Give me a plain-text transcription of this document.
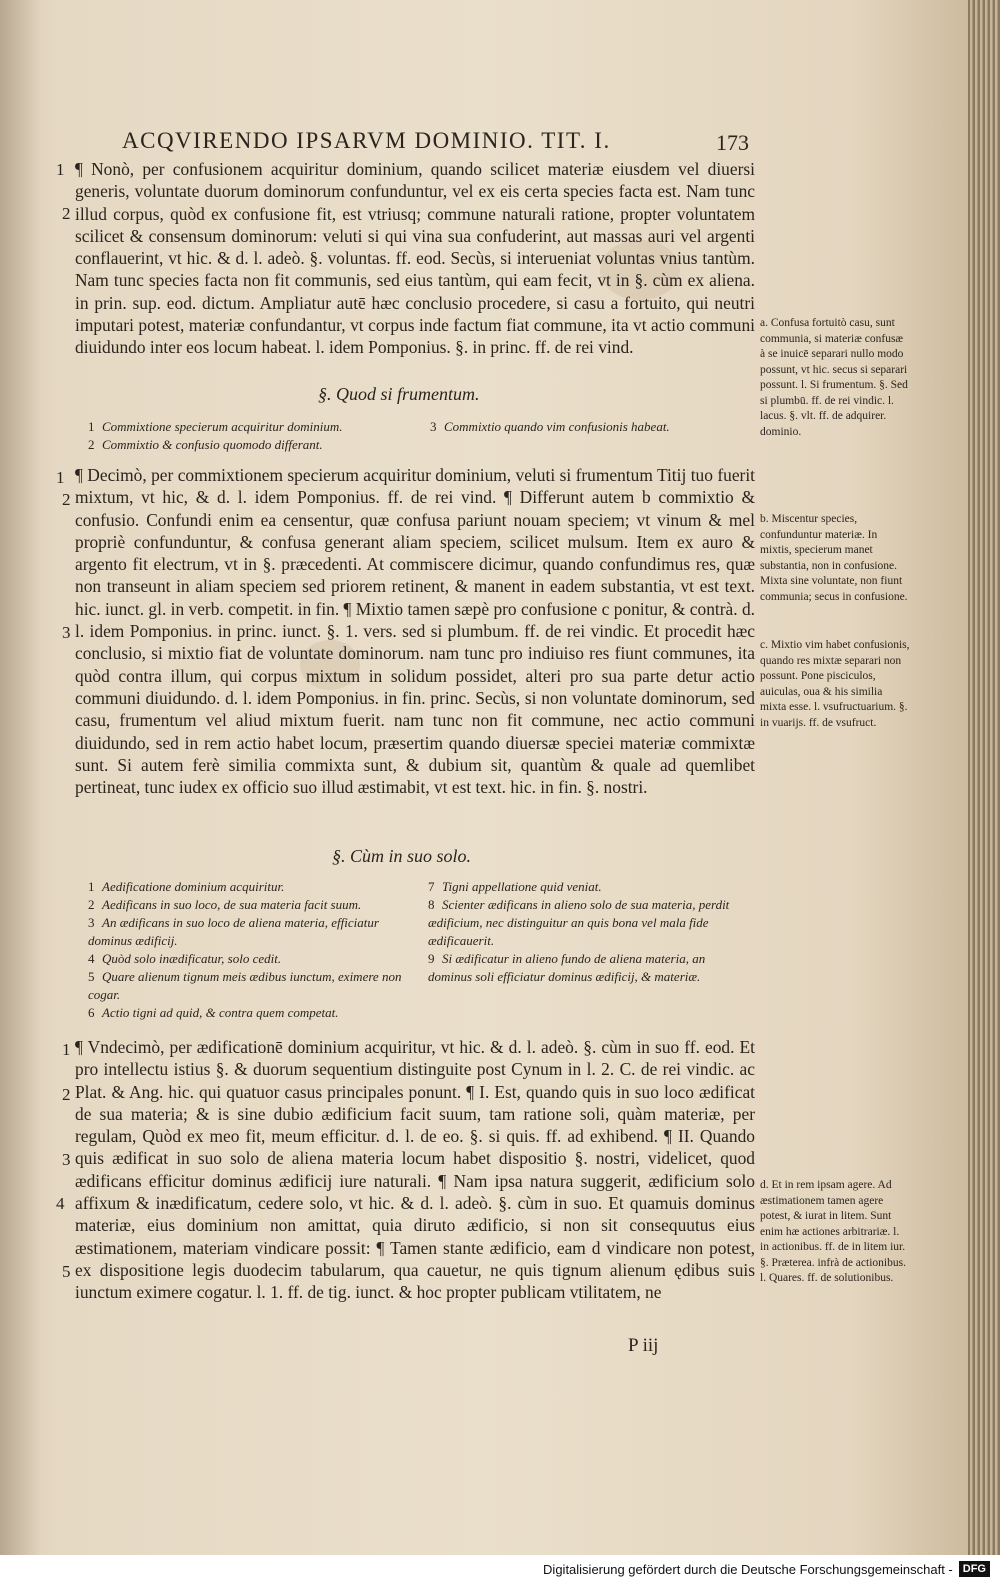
ACQVIRENDO IPSARVM DOMINIO. TIT. I.	173
1
2

¶ Nonò, per confusionem acquiritur dominium, quando scilicet materiæ eiusdem vel diuersi generis, voluntate duorum dominorum confunduntur, vel ex eis certa species facta est. Nam tunc illud corpus, quòd ex confusione fit, est vtriusq; commune naturali ratione, propter voluntatem scilicet & consensum dominorum: veluti si qui vina sua confuderint, aut massas auri vel argenti conflauerint, vt hic. & d. l. adeò. §. voluntas. ff. eod. Secùs, si interueniat voluntas vnius tantùm. Nam tunc species facta non fit communis, sed eius tantùm, qui eam fecit, vt in §. cùm ex aliena. in prin. sup. eod. dictum. Ampliatur autē hæc conclusio procedere, si casu a fortuito, qui neutri imputari potest, materiæ confundantur, vt corpus inde factum fiat commune, ita vt actio communi diuidundo inter eos locum habeat. l. idem Pomponius. §. in princ. ff. de rei vind.

§. Quod si frumentum.
1 Commixtione specierum acquiritur dominium.
2 Commixtio & confusio quomodo differant.
3 Commixtio quando vim confusionis habeat.
1
2
3

¶ Decimò, per commixtionem specierum acquiritur dominium, veluti si frumentum Titij tuo fuerit mixtum, vt hic, & d. l. idem Pomponius. ff. de rei vind. ¶ Differunt autem b commixtio & confusio. Confundi enim ea censentur, quæ confusa pariunt nouam speciem; vt vinum & mel propriè confunduntur, & confusa generant aliam speciem, scilicet mulsum. Item ex auro & argento fit electrum, vt in §. præcedenti. At commiscere dicimur, quando confundimus res, quæ non transeunt in aliam speciem sed priorem retinent, & manent in eadem substantia, vt est text. hic. iunct. gl. in verb. competit. in fin. ¶ Mixtio tamen sæpè pro confusione c ponitur, & contrà. d. l. idem Pomponius. in princ. iunct. §. 1. vers. sed si plumbum. ff. de rei vindic. Et procedit hæc conclusio, si mixtio fiat de voluntate dominorum. nam tunc pro indiuiso res fiunt communes, ita quòd contra illum, qui corpus mixtum in solidum possidet, alteri pro sua parte detur actio communi diuidundo. d. l. idem Pomponius. in fin. princ. Secùs, si non voluntate dominorum, sed casu, frumentum vel aliud mixtum fuerit. nam tunc non fit commune, nec actio communi diuidundo, sed in rem actio habet locum, præsertim quando diuersæ speciei materiæ commixtæ sunt. Si autem ferè similia commixta sunt, & dubium sit, quantùm & quale ad quemlibet pertineat, tunc iudex ex officio suo illud æstimabit, vt est text. hic. in fin. §. nostri.

§. Cùm in suo solo.
1 Aedificatione dominium acquiritur.
2 Aedificans in suo loco, de sua materia facit suum.
3 An ædificans in suo loco de aliena materia, efficiatur dominus ædificij.
4 Quòd solo inædificatur, solo cedit.
5 Quare alienum tignum meis ædibus iunctum, eximere non cogar.
6 Actio tigni ad quid, & contra quem competat.
7 Tigni appellatione quid veniat.
8 Scienter ædificans in alieno solo de sua materia, perdit ædificium, nec distinguitur an quis bona vel mala fide ædificauerit.
9 Si ædificatur in alieno fundo de aliena materia, an dominus soli efficiatur dominus ædificij, & materiæ.
1
2
3
4
5

¶ Vndecimò, per ædificationē dominium acquiritur, vt hic. & d. l. adeò. §. cùm in suo ff. eod. Et pro intellectu istius §. & duorum sequentium distinguite post Cynum in l. 2. C. de rei vindic. ac Plat. & Ang. hic. qui quatuor casus principales ponunt. ¶ I. Est, quando quis in suo loco ædificat de sua materia; & is sine dubio ædificium facit suum, tam ratione soli, quàm materiæ, per regulam, Quòd ex meo fit, meum efficitur. d. l. de eo. §. si quis. ff. ad exhibend. ¶ II. Quando quis ædificat in suo solo de aliena materia locum habet dispositio §. nostri, videlicet, quod ædificans efficitur dominus ædificij iure naturali. ¶ Nam ipsa natura suggerit, ædificium solo affixum & inædificatum, cedere solo, vt hic. & d. l. adeò. §. cùm in suo. Et quamuis dominus materiæ, eius dominium non amittat, quia diruto ædificio, si non sit consequutus eius æstimationem, materiam vindicare possit: ¶ Tamen stante ædificio, eam d vindicare non potest, ex dispositione legis duodecim tabularum, qua cauetur, ne quis tignum alienum ędibus suis iunctum eximere cogatur. l. 1. ff. de tig. iunct. & hoc propter publicam vtilitatem, ne

a. Confusa fortuitò casu, sunt communia, si materiæ confusæ à se inuicē separari nullo modo possunt, vt hic. secus si separari possunt. l. Si frumentum. §. Sed si plumbū. ff. de rei vindic. l. lacus. §. vlt. ff. de adquirer. dominio.
b. Miscentur species, confunduntur materiæ. In mixtis, specierum manet substantia, non in confusione. Mixta sine voluntate, non fiunt communia; secus in confusione.
c. Mixtio vim habet confusionis, quando res mixtæ separari non possunt. Pone pisciculos, auiculas, oua & his similia mixta esse. l. vsufructuarium. §. in vuarijs. ff. de vsufruct.
d. Et in rem ipsam agere. Ad æstimationem tamen agere potest, & iurat in litem. Sunt enim hæ actiones arbitrariæ. l. in actionibus. ff. de in litem iur. §. Præterea. infrà de actionibus. l. Quares. ff. de solutionibus.
P iij
Digitalisierung gefördert durch die Deutsche Forschungsgemeinschaft - DFG
